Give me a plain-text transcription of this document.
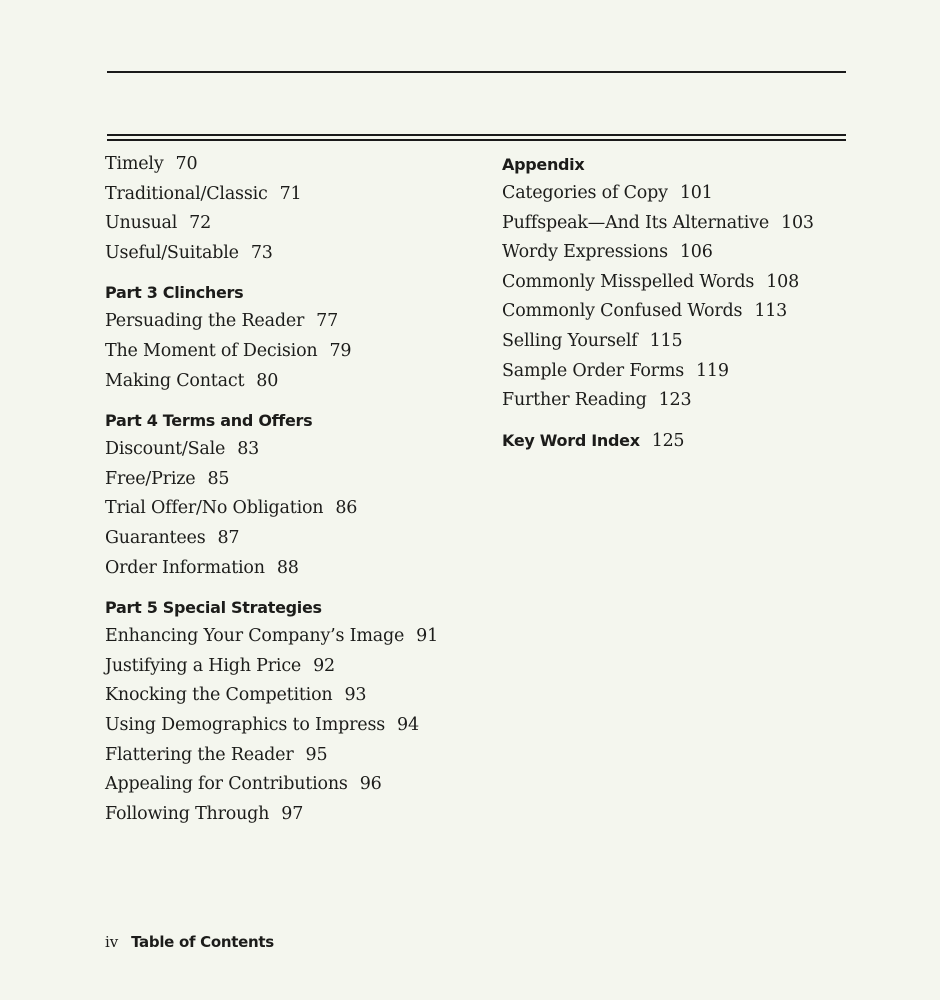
Timely 70
Traditional/Classic 71
Unusual 72
Useful/Suitable 73
Part 3 Clinchers
Persuading the Reader 77
The Moment of Decision 79
Making Contact 80
Part 4 Terms and Offers
Discount/Sale 83
Free/Prize 85
Trial Offer/No Obligation 86
Guarantees 87
Order Information 88
Part 5 Special Strategies
Enhancing Your Company’s Image 91
Justifying a High Price 92
Knocking the Competition 93
Using Demographics to Impress 94
Flattering the Reader 95
Appealing for Contributions 96
Following Through 97
Appendix
Categories of Copy 101
Puffspeak—And Its Alternative 103
Wordy Expressions 106
Commonly Misspelled Words 108
Commonly Confused Words 113
Selling Yourself 115
Sample Order Forms 119
Further Reading 123
Key Word Index 125
iv Table of Contents
